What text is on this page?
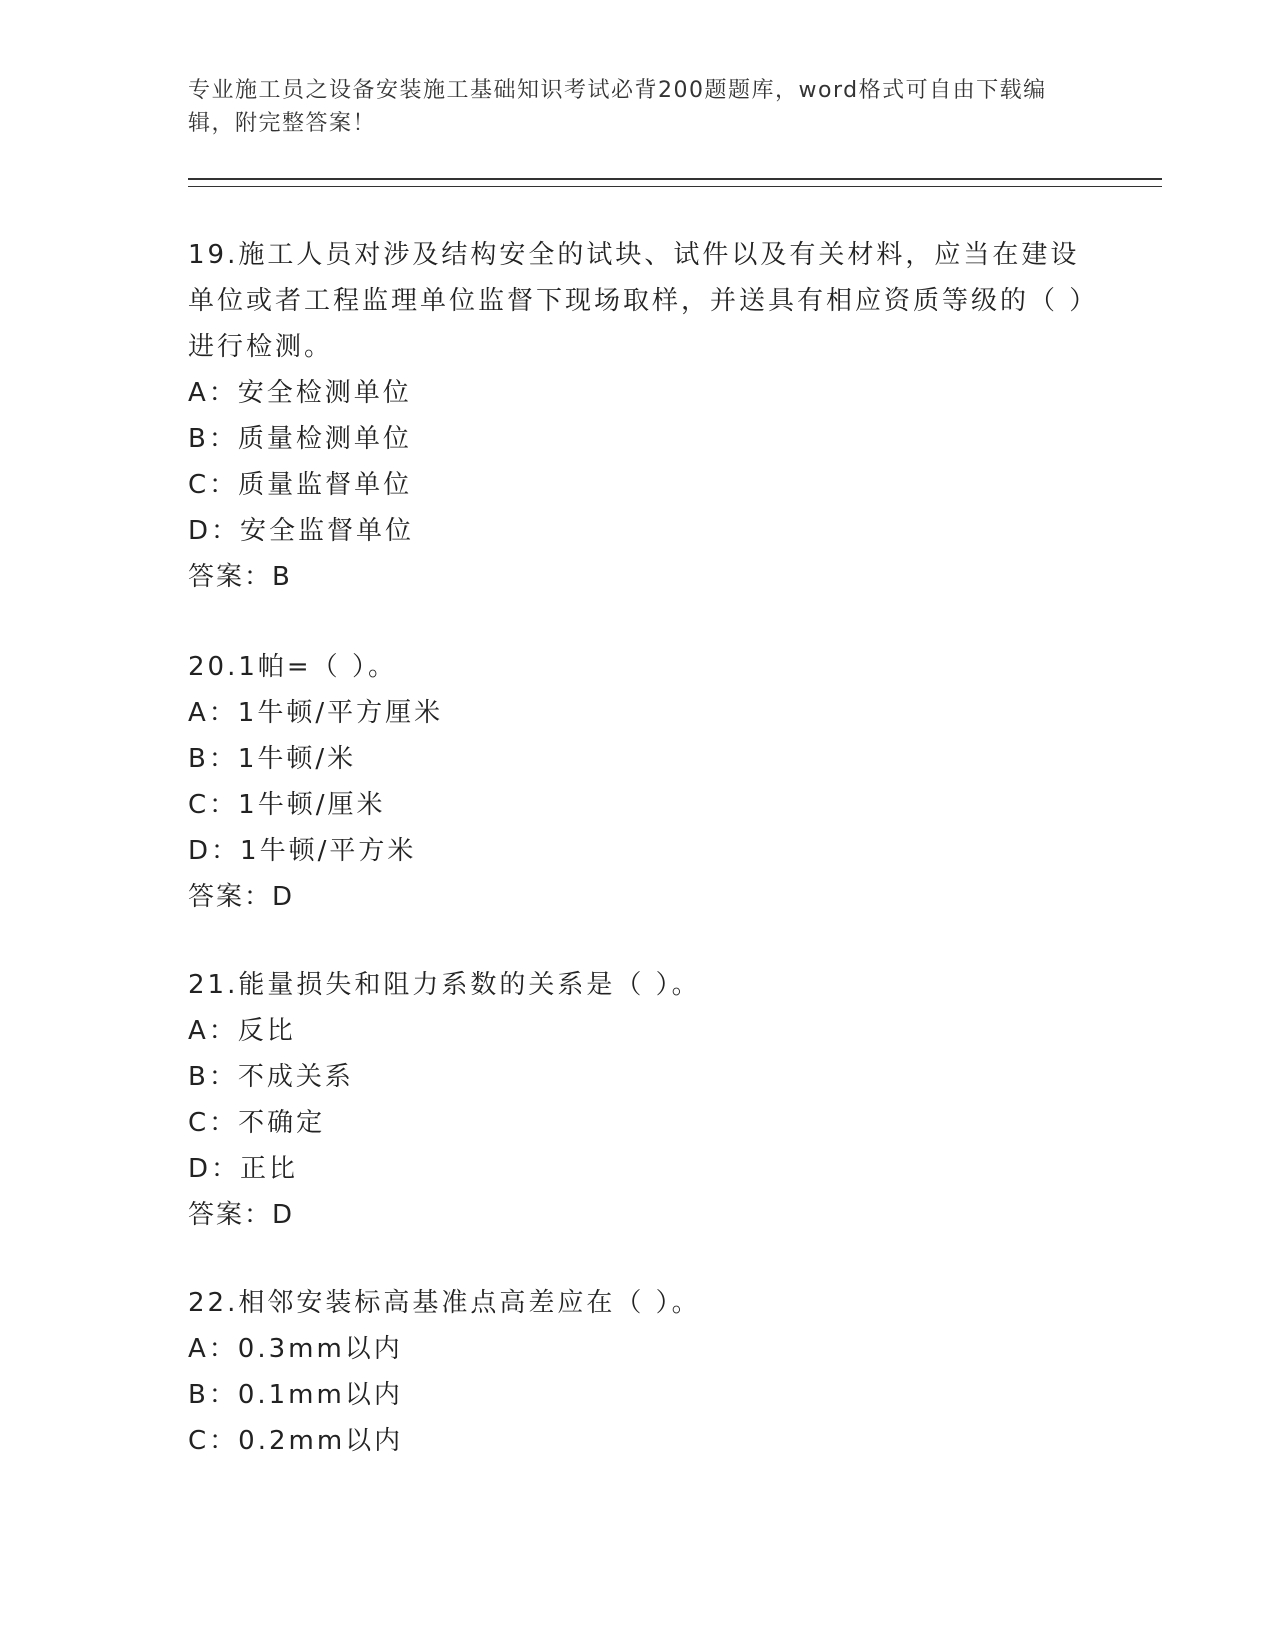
专业施工员之设备安装施工基础知识考试必背200题题库，word格式可自由下载编辑，附完整答案！
19.施工人员对涉及结构安全的试块、试件以及有关材料，应当在建设单位或者工程监理单位监督下现场取样，并送具有相应资质等级的（ ）进行检测。
A：安全检测单位
B：质量检测单位
C：质量监督单位
D：安全监督单位
答案：B
20.1帕=（ ）。
A：1牛顿/平方厘米
B：1牛顿/米
C：1牛顿/厘米
D：1牛顿/平方米
答案：D
21.能量损失和阻力系数的关系是（ ）。
A：反比
B：不成关系
C：不确定
D：正比
答案：D
22.相邻安装标高基准点高差应在（ ）。
A：0.3mm以内
B：0.1mm以内
C：0.2mm以内
